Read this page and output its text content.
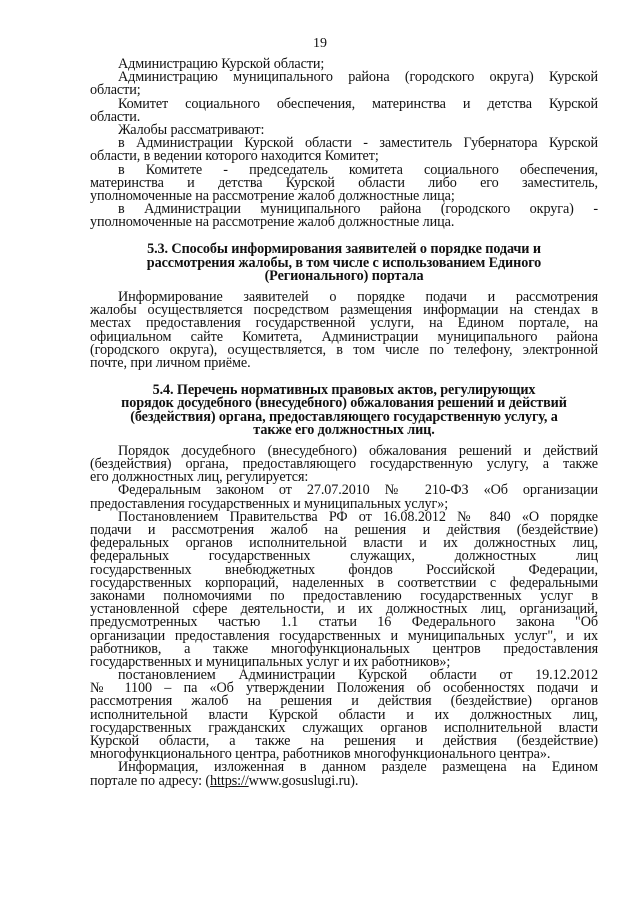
19
Администрацию Курской области;
Администрацию муниципального района (городского округа) Курской
области;
Комитет социального обеспечения, материнства и детства Курской
области.
Жалобы рассматривают:
в Администрации Курской области - заместитель Губернатора Курской
области, в ведении которого находится Комитет;
в Комитете - председатель комитета социального обеспечения,
материнства и детства Курской области либо его заместитель,
уполномоченные на рассмотрение жалоб должностные лица;
в Администрации муниципального района (городского округа) -
уполномоченные на рассмотрение жалоб должностные лица.
5.3. Способы информирования заявителей о порядке подачи и
рассмотрения жалобы, в том числе с использованием Единого
(Регионального) портала
Информирование заявителей о порядке подачи и рассмотрения
жалобы осуществляется посредством размещения информации на стендах в
местах предоставления государственной услуги, на Едином портале, на
официальном сайте Комитета, Администрации муниципального района
(городского округа), осуществляется, в том числе по телефону, электронной
почте, при личном приёме.
5.4. Перечень нормативных правовых актов, регулирующих
порядок досудебного (внесудебного) обжалования решений и действий
(бездействия) органа, предоставляющего государственную услугу, а
также его должностных лиц.
Порядок досудебного (внесудебного) обжалования решений и действий
(бездействия) органа, предоставляющего государственную услугу, а также
его должностных лиц, регулируется:
Федеральным законом от 27.07.2010 № 210-ФЗ «Об организации
предоставления государственных и муниципальных услуг»;
Постановлением Правительства РФ от 16.08.2012 № 840 «О порядке
подачи и рассмотрения жалоб на решения и действия (бездействие)
федеральных органов исполнительной власти и их должностных лиц,
федеральных государственных служащих, должностных лиц
государственных внебюджетных фондов Российской Федерации,
государственных корпораций, наделенных в соответствии с федеральными
законами полномочиями по предоставлению государственных услуг в
установленной сфере деятельности, и их должностных лиц, организаций,
предусмотренных частью 1.1 статьи 16 Федерального закона "Об
организации предоставления государственных и муниципальных услуг", и их
работников, а также многофункциональных центров предоставления
государственных и муниципальных услуг и их работников»;
постановлением Администрации Курской области от 19.12.2012
№ 1100 – па «Об утверждении Положения об особенностях подачи и
рассмотрения жалоб на решения и действия (бездействие) органов
исполнительной власти Курской области и их должностных лиц,
государственных гражданских служащих органов исполнительной власти
Курской области, а также на решения и действия (бездействие)
многофункционального центра, работников многофункционального центра».
Информация, изложенная в данном разделе размещена на Едином
портале по адресу: (https://www.gosuslugi.ru).
